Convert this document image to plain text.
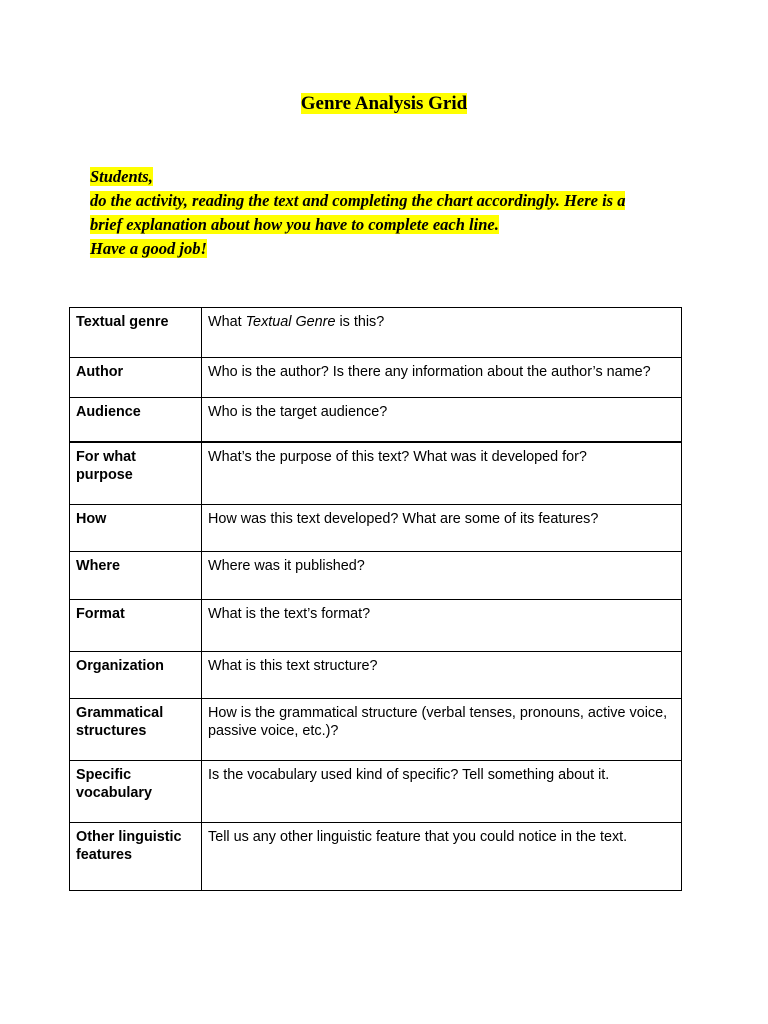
Genre Analysis Grid
Students,
do the activity, reading the text and completing the chart accordingly. Here is a
brief explanation about how you have to complete each line.
Have a good job!
Textual genre	What Textual Genre is this?
Author	Who is the author? Is there any information about the author’s name?
Audience	Who is the target audience?
For what purpose	What’s the purpose of this text? What was it developed for?
How	How was this text developed? What are some of its features?
Where	Where was it published?
Format	What is the text’s format?
Organization	What is this text structure?
Grammatical structures	How is the grammatical structure (verbal tenses, pronouns, active voice, passive voice, etc.)?
Specific vocabulary	Is the vocabulary used kind of specific? Tell something about it.
Other linguistic features	Tell us any other linguistic feature that you could notice in the text.
